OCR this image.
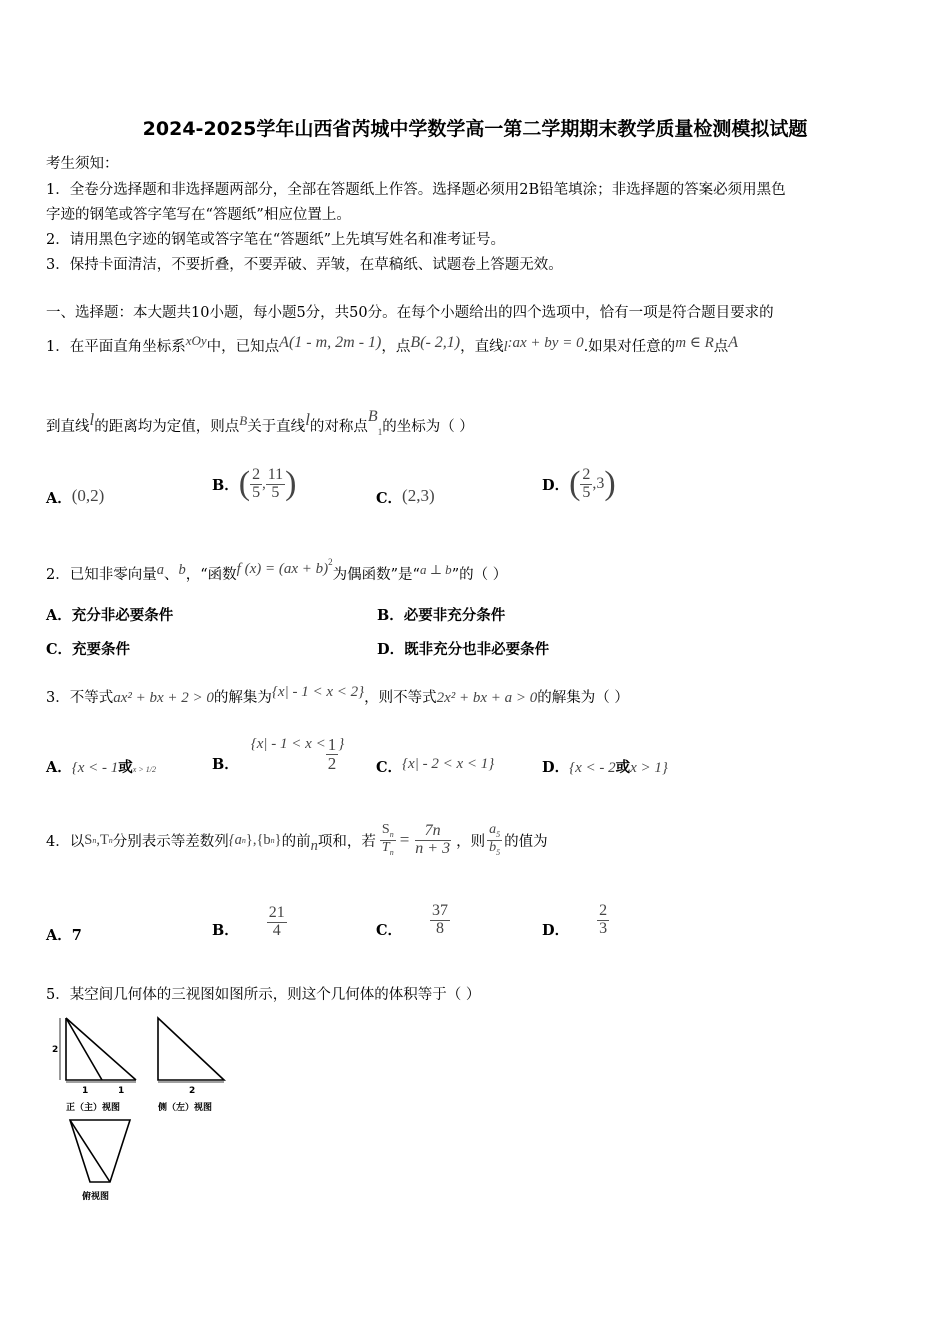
2024-2025学年山西省芮城中学数学高一第二学期期末教学质量检测模拟试题
考生须知：
1．全卷分选择题和非选择题两部分，全部在答题纸上作答。选择题必须用2B铅笔填涂；非选择题的答案必须用黑色
字迹的钢笔或答字笔写在“答题纸”相应位置上。
2．请用黑色字迹的钢笔或答字笔在“答题纸”上先填写姓名和准考证号。
3．保持卡面清洁，不要折叠，不要弄破、弄皱，在草稿纸、试题卷上答题无效。
一、选择题：本大题共10小题，每小题5分，共50分。在每个小题给出的四个选项中，恰有一项是符合题目要求的
1．在平面直角坐标系$^{xOy}$中，已知点A(1 - m, 2m - 1)，点B(- 2,1)，直线l:ax + by = 0.如果对任意的m ∈ R点A
到直线l的距离均为定值，则点B关于直线l的对称点$B_1$的坐标为（ ）
A．(0,2)
B． ( $\frac{2}{5}$ , $\frac{11}{5}$ )	C．(2,3)
D． ( $\frac{2}{5} ,3$ )
2．已知非零向量a、b，“函数f (x) = (ax + b)$^2$为偶函数”是“a ⊥ b”的（ ）
A．充分非必要条件	B．必要非充分条件
C．充要条件	D．既非充分也非必要条件
3．不等式ax² + bx + 2 > 0的解集为{x| - 1 < x < 2}，则不等式2x² + bx + a > 0的解集为（ ）
A．{x < - 1或x > 1/2	B．
{$x| - 1 < x < \frac{1}{2}$ }
C．{x| - 2 < x < 1}	D．{x < - 2或x > 1}
4． 以 S n ,T n 分别表示等差数列 {a n }, {b n } 的前 n 项和，若 $\frac{S_n}{T_n} = \frac{7n}{n + 3}$ ，则 $\frac{a_5}{b_5}$ 的值为
A．7	B． $\frac{21}{4}$	C． $\frac{37}{8}$	D． $\frac{2}{3}$
5．某空间几何体的三视图如图所示，则这个几何体的体积等于（ ）
2
1	1
正（主）视图
2
侧（左）视图
俯视图
